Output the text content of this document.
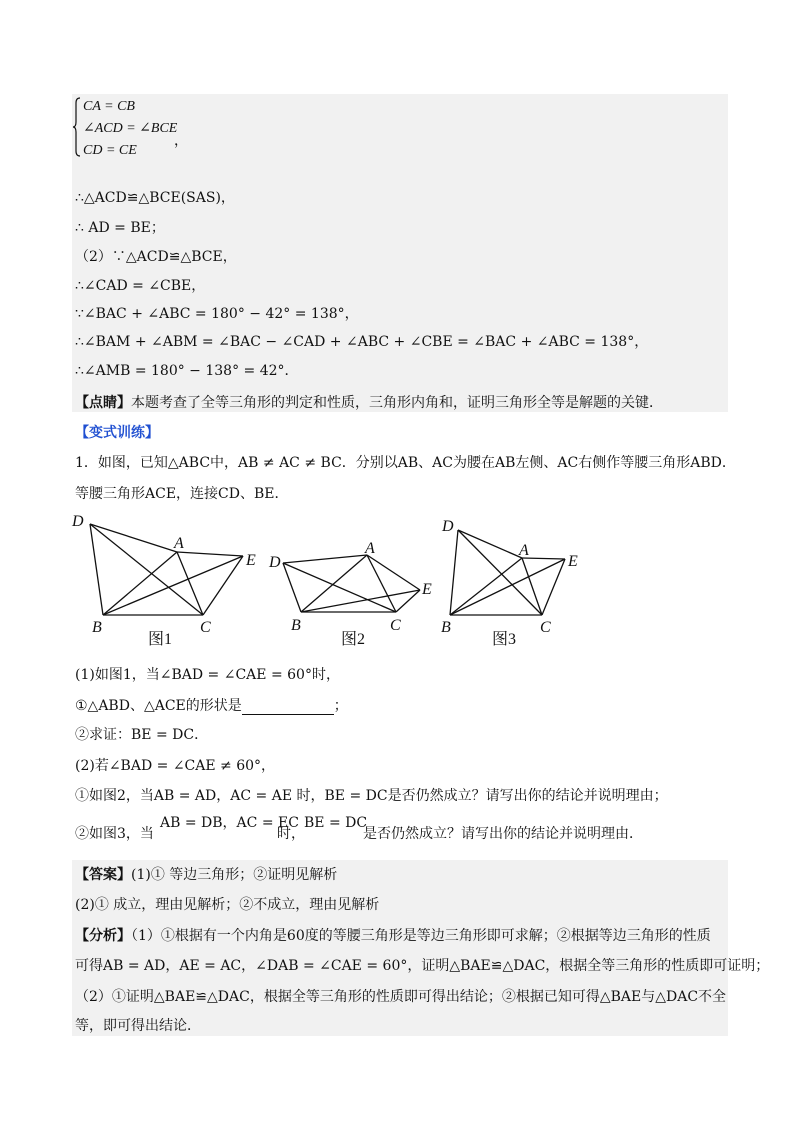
CA = CB
∠ACD = ∠BCE
CD = CE
，
∴△ACD≌△BCE(SAS)，
∴ AD = BE；
（2）∵△ACD≌△BCE，
∴∠CAD = ∠CBE，
∵∠BAC + ∠ABC = 180° − 42° = 138°，
∴∠BAM + ∠ABM = ∠BAC − ∠CAD + ∠ABC + ∠CBE = ∠BAC + ∠ABC = 138°，
∴∠AMB = 180° − 138° = 42°．
【点睛】本题考查了全等三角形的判定和性质，三角形内角和，证明三角形全等是解题的关键．
【变式训练】
1．如图，已知△ABC中，AB ≠ AC ≠ BC．分别以AB、AC为腰在AB左侧、AC右侧作等腰三角形ABD．
等腰三角形ACE，连接CD、BE．
D
A
E
B	C
图1
D
A
E
B	C
图2
D
A
E
B	C
图3
(1)如图1，当∠BAD = ∠CAE = 60°时，
①△ABD、△ACE的形状是	；
②求证：BE = DC．
(2)若∠BAD = ∠CAE ≠ 60°，
①如图2，当AB = AD，AC = AE 时，BE = DC是否仍然成立？请写出你的结论并说明理由；
②如图3，当
AB = DB，AC = EC
时，
BE = DC
是否仍然成立？请写出你的结论并说明理由．
【答案】(1)① 等边三角形；②证明见解析
(2)① 成立，理由见解析；②不成立，理由见解析
【分析】（1）①根据有一个内角是60度的等腰三角形是等边三角形即可求解；②根据等边三角形的性质
可得AB = AD，AE = AC，∠DAB = ∠CAE = 60°，证明△BAE≌△DAC，根据全等三角形的性质即可证明；
（2）①证明△BAE≌△DAC，根据全等三角形的性质即可得出结论；②根据已知可得△BAE与△DAC不全
等，即可得出结论．
